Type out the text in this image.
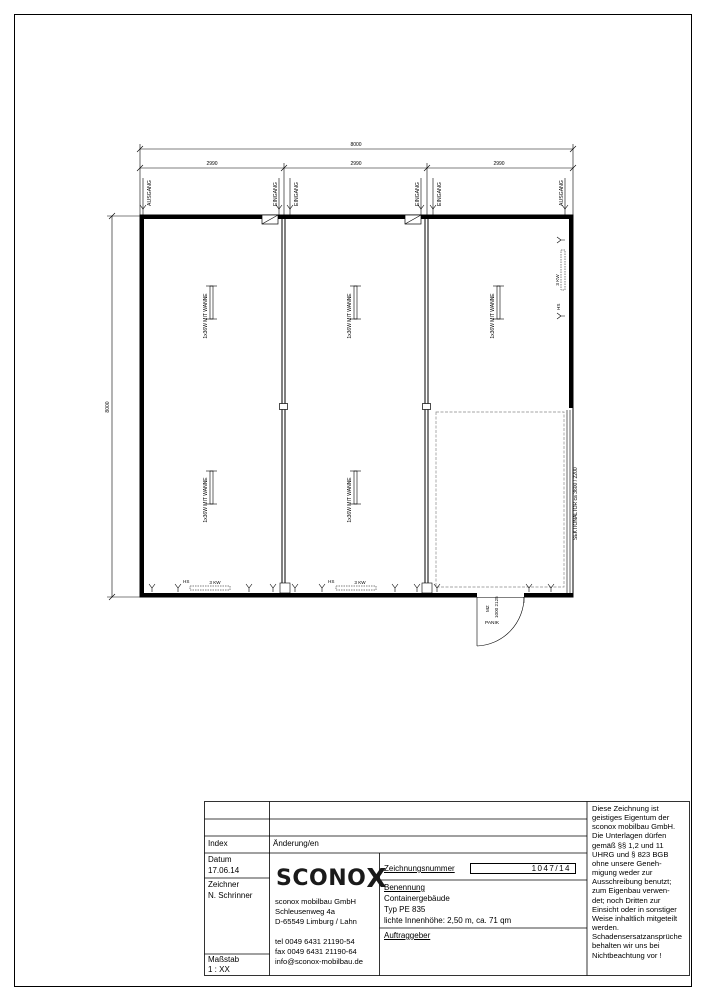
8000
2990	2990	2990
8000
AUSGANG	EINGANG	EINGANG	EINGANG	EINGANG	AUSGANG
SEKTIONALTOR ca 3600 / 2200
1x36W MIT WANNE	1x36W MIT WANNE	1x36W MIT WANNE
1x36W MIT WANNE	1x36W MIT WANNE
3 KW	3 KW
3 KW
HS	HS
HS
MZ 1000 2125
PANIK
Index	Änderung/en
Datum
17.06.14
Zeichner
N. Schrinner
Maßstab
1 : XX
SCONOX
sconox mobilbau GmbH
Schleusenweg 4a
D-65549 Limburg / Lahn
tel 0049 6431 21190-54
fax 0049 6431 21190-64
info@sconox-mobilbau.de
Zeichnungsnummer	1047/14
Benennung
Containergebäude
Typ PE 835
lichte Innenhöhe: 2,50 m, ca. 71 qm
Auftraggeber
Diese Zeichnung ist
geistiges Eigentum der
sconox mobilbau GmbH.
Die Unterlagen dürfen
gemäß §§ 1,2 und 11
UHRG und § 823 BGB
ohne unsere Geneh-
migung weder zur
Ausschreibung benutzt;
zum Eigenbau verwen-
det; noch Dritten zur
Einsicht oder in sonstiger
Weise inhaltlich mitgeteilt
werden.
Schadensersatzansprüche
behalten wir uns bei
Nichtbeachtung vor !
